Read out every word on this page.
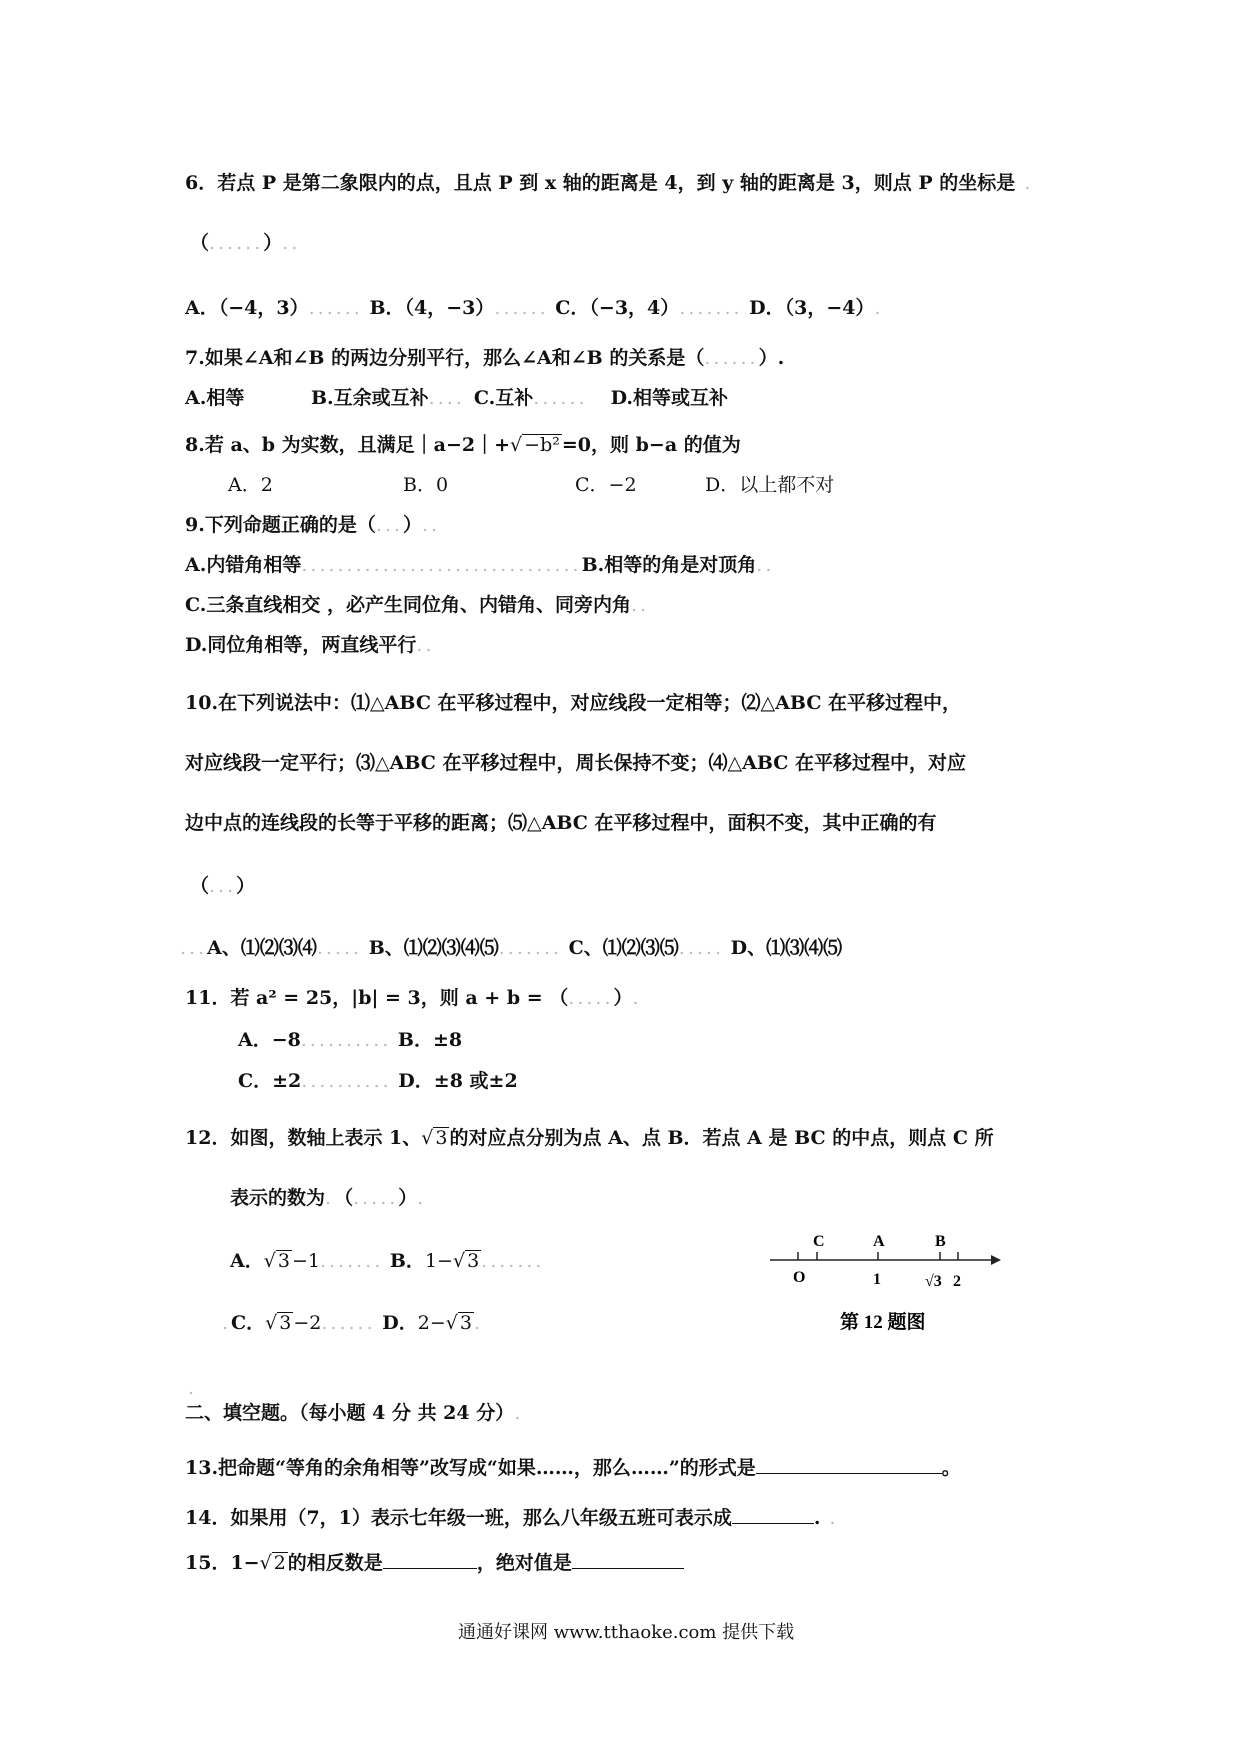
6．若点 P 是第二象限内的点，且点 P 到 x 轴的距离是 4，到 y 轴的距离是 3，则点 P 的坐标是 .
（......）..
A．（−4，3）...... B．（4，−3）...... C．（−3，4）....... D．（3，−4）.
7.如果∠A和∠B 的两边分别平行，那么∠A和∠B 的关系是（......）.
A.相等	B.互余或互补.... C.互补...... D.相等或互补
8.若 a、b 为实数，且满足｜a−2｜+√ −b² =0，则 b−a 的值为
A．2	B．0	C．−2	D．以上都不对
9.下列命题正确的是（...）..
A.内错角相等...............................B.相等的角是对顶角..
C.三条直线相交 ，必产生同位角、内错角、同旁内角..
D.同位角相等，两直线平行..
10.在下列说法中：⑴△ABC 在平移过程中，对应线段一定相等；⑵△ABC 在平移过程中，
对应线段一定平行；⑶△ABC 在平移过程中，周长保持不变；⑷△ABC 在平移过程中，对应
边中点的连线段的长等于平移的距离；⑸△ABC 在平移过程中，面积不变，其中正确的有
（...）
...A、⑴⑵⑶⑷..... B、⑴⑵⑶⑷⑸....... C、⑴⑵⑶⑸..... D、⑴⑶⑷⑸
11．若 a² = 25，|b| = 3，则 a + b = （.....）.
A．−8.......... B．±8
C．±2.......... D．±8 或±2
12．如图，数轴上表示 1、√ 3 的对应点分别为点 A、点 B．若点 A 是 BC 的中点，则点 C 所
表示的数为.（.....）.
A．√ 3 −1....... B．1−√ 3 .......
.C．√ 3 −2...... D．2−√ 3 .
C	A	B
O	1	√3 2
第 12 题图
.
二、填空题。（每小题 4 分 共 24 分）.
13.把命题“等角的余角相等”改写成“如果……，那么……”的形式是	。
14．如果用（7，1）表示七年级一班，那么八年级五班可表示成	. .
15．1−√ 2 的相反数是	，绝对值是
通通好课网 www.tthaoke.com 提供下载
